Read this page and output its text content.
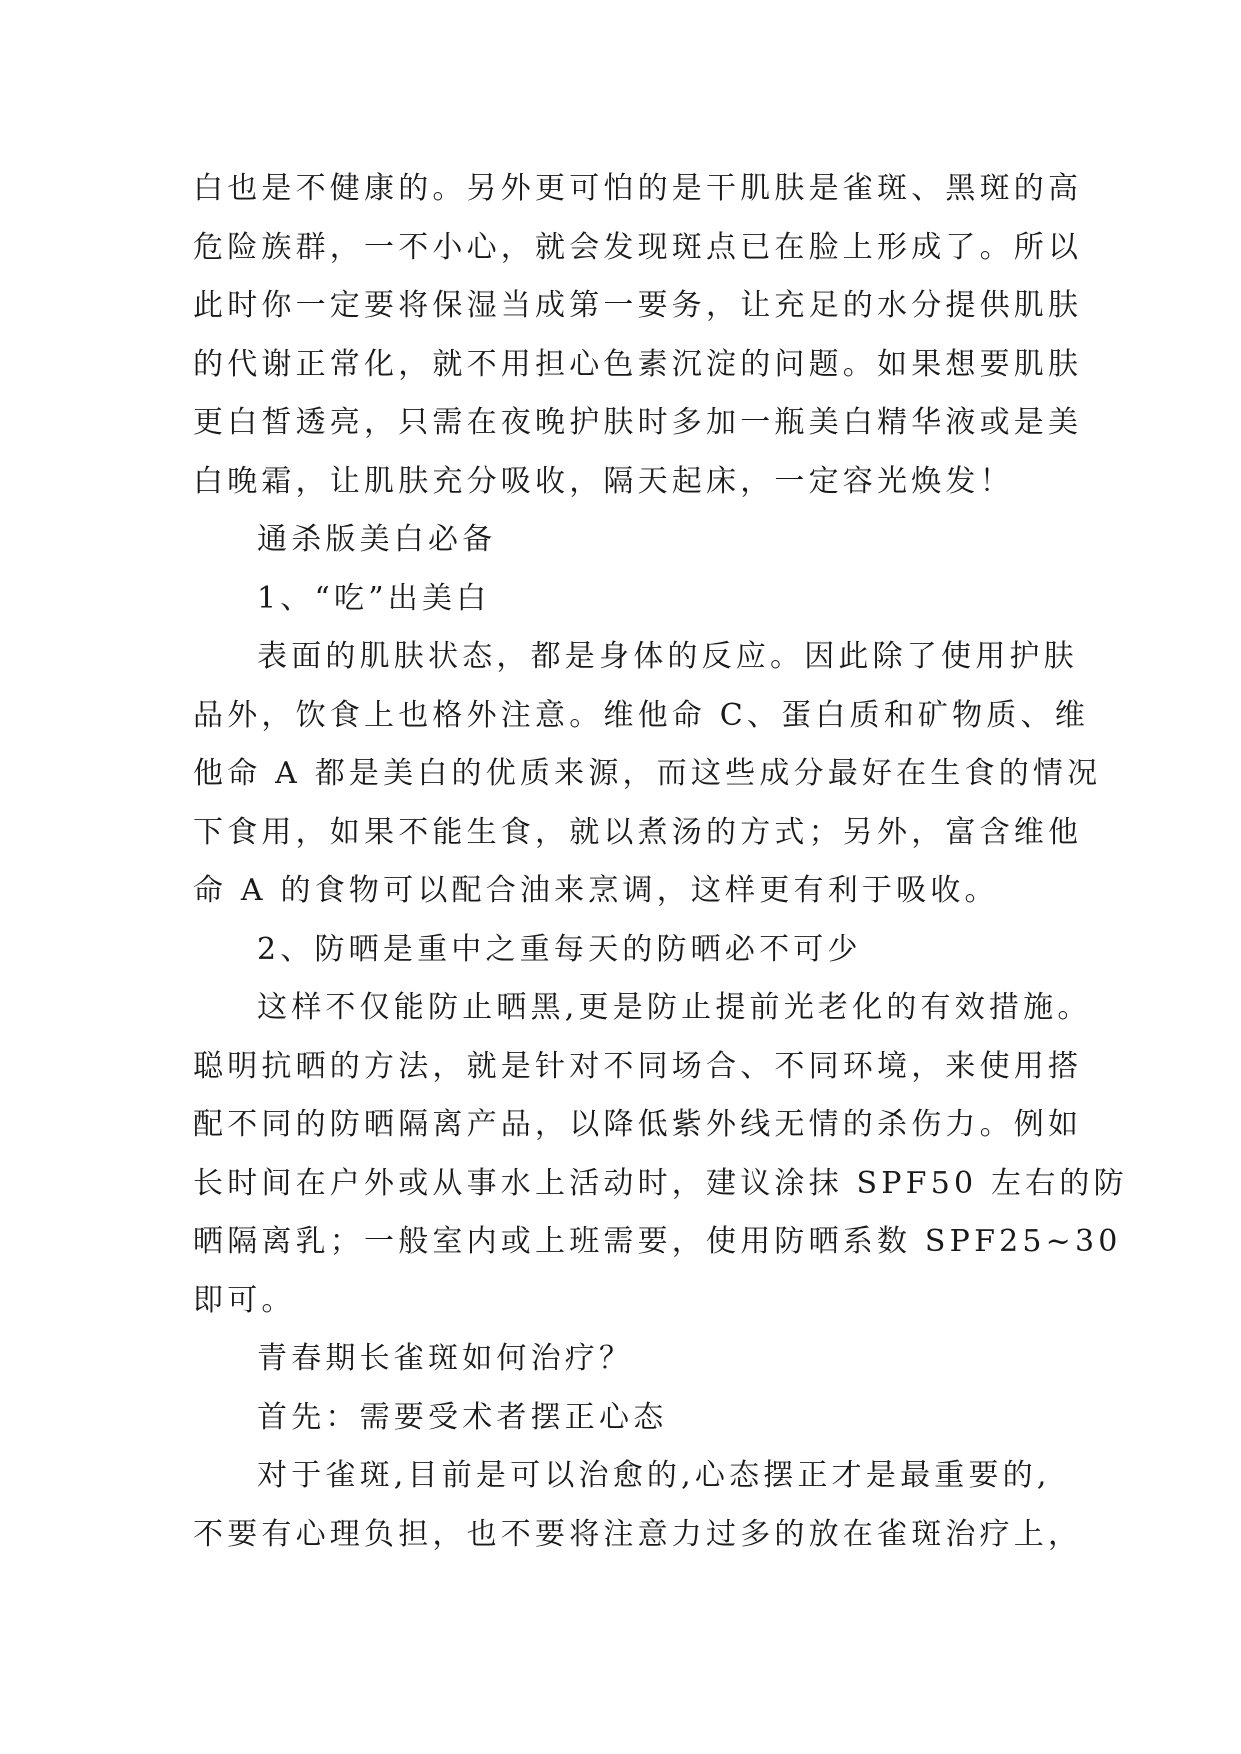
白也是不健康的。另外更可怕的是干肌肤是雀斑、黑斑的高
危险族群，一不小心，就会发现斑点已在脸上形成了。所以
此时你一定要将保湿当成第一要务，让充足的水分提供肌肤
的代谢正常化，就不用担心色素沉淀的问题。如果想要肌肤
更白皙透亮，只需在夜晚护肤时多加一瓶美白精华液或是美
白晚霜，让肌肤充分吸收，隔天起床，一定容光焕发！
通杀版美白必备
1、“吃”出美白
表面的肌肤状态，都是身体的反应。因此除了使用护肤
品外，饮食上也格外注意。维他命 C、蛋白质和矿物质、维
他命 A 都是美白的优质来源，而这些成分最好在生食的情况
下食用，如果不能生食，就以煮汤的方式；另外，富含维他
命 A 的食物可以配合油来烹调，这样更有利于吸收。
2、防晒是重中之重每天的防晒必不可少
这样不仅能防止晒黑,更是防止提前光老化的有效措施。
聪明抗晒的方法，就是针对不同场合、不同环境，来使用搭
配不同的防晒隔离产品，以降低紫外线无情的杀伤力。例如
长时间在户外或从事水上活动时，建议涂抹 SPF50 左右的防
晒隔离乳；一般室内或上班需要，使用防晒系数 SPF25~30
即可。
青春期长雀斑如何治疗？
首先：需要受术者摆正心态
对于雀斑,目前是可以治愈的,心态摆正才是最重要的,
不要有心理负担，也不要将注意力过多的放在雀斑治疗上，
